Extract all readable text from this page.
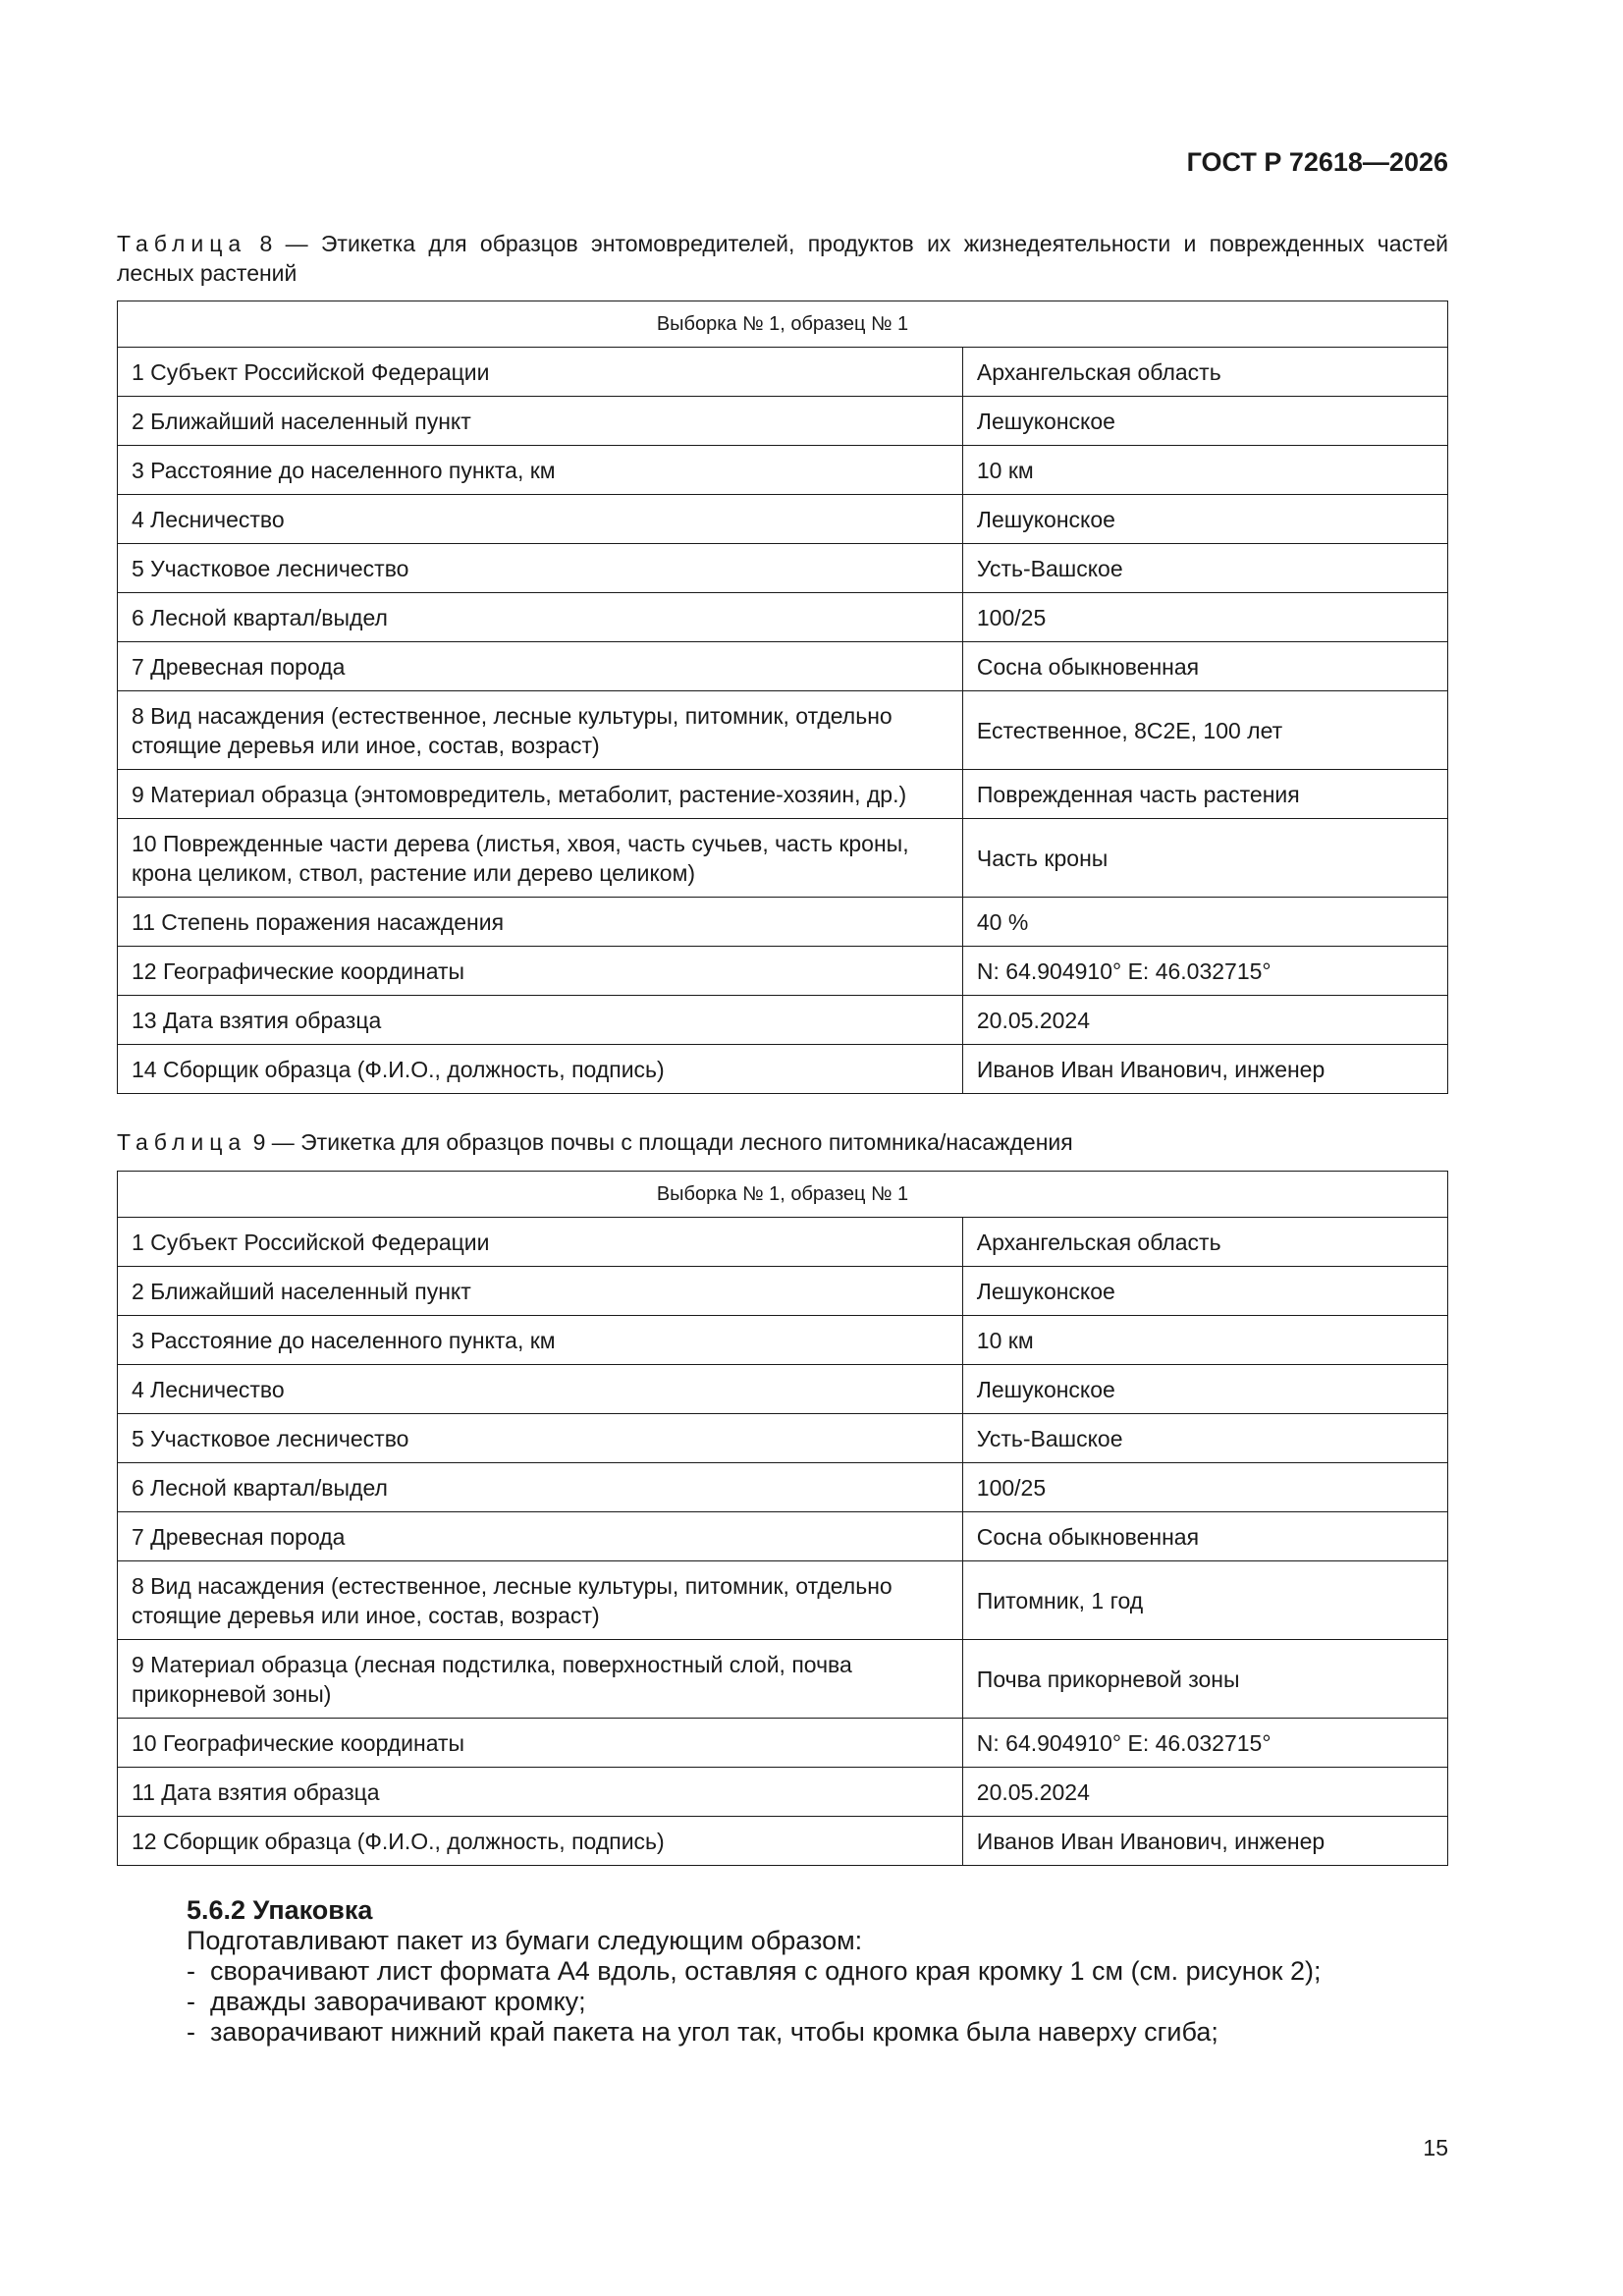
ГОСТ Р 72618—2026
Таблица 8 — Этикетка для образцов энтомовредителей, продуктов их жизнедеятельности и поврежденных частей лесных растений
Выборка № 1, образец № 1	
1 Субъект Российской Федерации	Архангельская область
2 Ближайший населенный пункт	Лешуконское
3 Расстояние до населенного пункта, км	10 км
4 Лесничество	Лешуконское
5 Участковое лесничество	Усть-Вашское
6 Лесной квартал/выдел	100/25
7 Древесная порода	Сосна обыкновенная
8 Вид насаждения (естественное, лесные культуры, питомник, отдельно стоящие деревья или иное, состав, возраст)	Естественное, 8С2Е, 100 лет
9 Материал образца (энтомовредитель, метаболит, растение-хозяин, др.)	Поврежденная часть растения
10 Поврежденные части дерева (листья, хвоя, часть сучьев, часть кроны, крона целиком, ствол, растение или дерево целиком)	Часть кроны
11 Степень поражения насаждения	40 %
12 Географические координаты	N: 64.904910° E: 46.032715°
13 Дата взятия образца	20.05.2024
14 Сборщик образца (Ф.И.О., должность, подпись)	Иванов Иван Иванович, инженер
Таблица 9 — Этикетка для образцов почвы с площади лесного питомника/насаждения
Выборка № 1, образец № 1	
1 Субъект Российской Федерации	Архангельская область
2 Ближайший населенный пункт	Лешуконское
3 Расстояние до населенного пункта, км	10 км
4 Лесничество	Лешуконское
5 Участковое лесничество	Усть-Вашское
6 Лесной квартал/выдел	100/25
7 Древесная порода	Сосна обыкновенная
8 Вид насаждения (естественное, лесные культуры, питомник, отдельно стоящие деревья или иное, состав, возраст)	Питомник, 1 год
9 Материал образца (лесная подстилка, поверхностный слой, почва прикорневой зоны)	Почва прикорневой зоны
10 Географические координаты	N: 64.904910° E: 46.032715°
11 Дата взятия образца	20.05.2024
12 Сборщик образца (Ф.И.О., должность, подпись)	Иванов Иван Иванович, инженер
5.6.2 Упаковка
Подготавливают пакет из бумаги следующим образом:
- сворачивают лист формата А4 вдоль, оставляя с одного края кромку 1 см (см. рисунок 2);
- дважды заворачивают кромку;
- заворачивают нижний край пакета на угол так, чтобы кромка была наверху сгиба;
15
